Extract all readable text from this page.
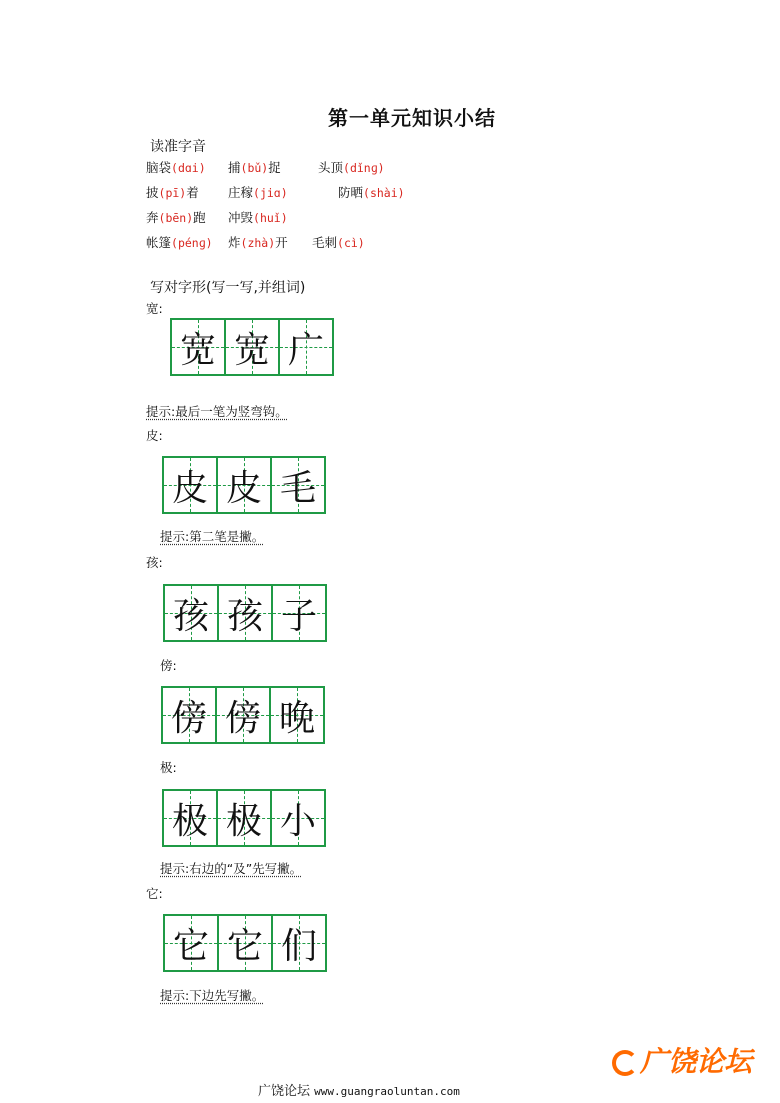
第一单元知识小结
读准字音
脑袋(dɑi) 捕(bǔ)捉	头顶(dǐnɡ)
披(pī)着 庄稼(jiɑ)	防晒(shài)
奔(bēn)跑 冲毁(huǐ)
帐篷(pénɡ) 炸(zhà)开 毛刺(cì)
写对字形(写一写,并组词)
宽:
宽 宽 广
提示:最后一笔为竖弯钩。
皮:
皮 皮 毛
提示:第二笔是撇。
孩:
孩 孩 子
傍:
傍 傍 晚
极:
极 极 小
提示:右边的“及”先写撇。
它:
它 它 们
提示:下边先写撇。
广饶论坛 www.guangraoluntan.com
广饶论坛
